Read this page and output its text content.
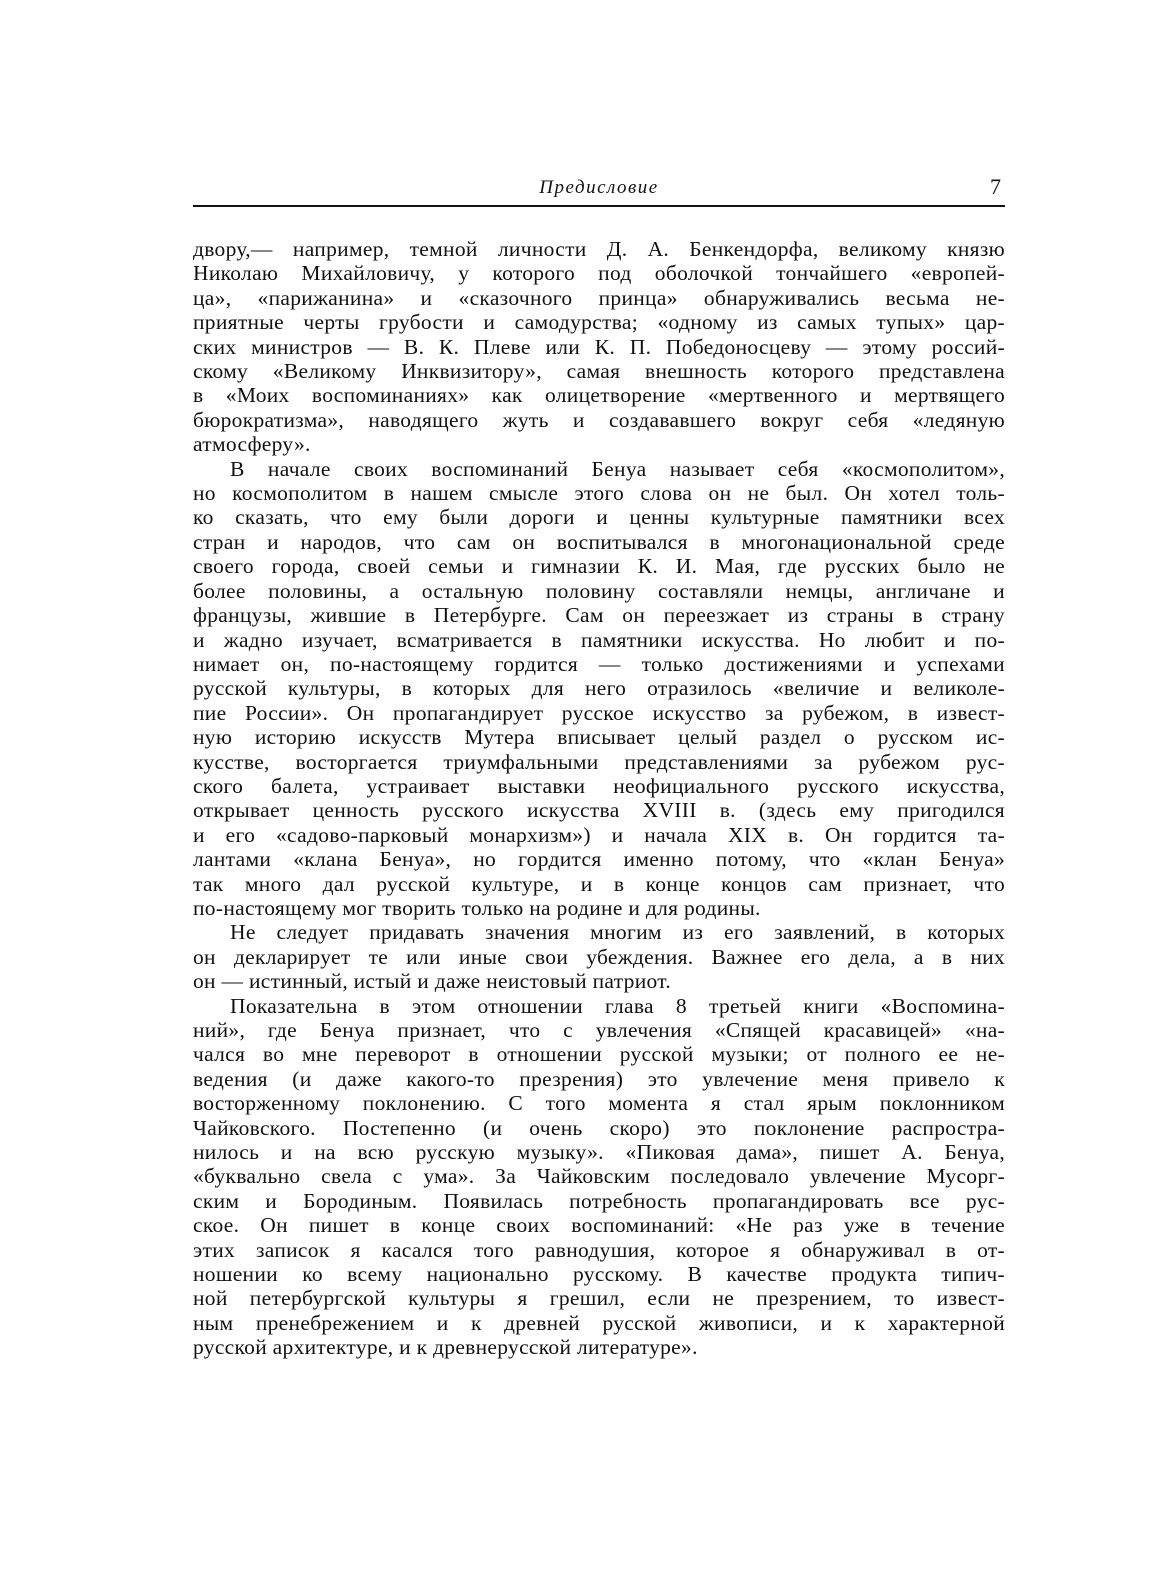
Предисловие	7
двору,— например, темной личности Д. А. Бенкендорфа, великому князю
Николаю Михайловичу, у которого под оболочкой тончайшего «европей-
ца», «парижанина» и «сказочного принца» обнаруживались весьма не-
приятные черты грубости и самодурства; «одному из самых тупых» цар-
ских министров — В. К. Плеве или К. П. Победоносцеву — этому россий-
скому «Великому Инквизитору», самая внешность которого представлена
в «Моих воспоминаниях» как олицетворение «мертвенного и мертвящего
бюрократизма», наводящего жуть и создававшего вокруг себя «ледяную
атмосферу».
В начале своих воспоминаний Бенуа называет себя «космополитом»,
но космополитом в нашем смысле этого слова он не был. Он хотел толь-
ко сказать, что ему были дороги и ценны культурные памятники всех
стран и народов, что сам он воспитывался в многонациональной среде
своего города, своей семьи и гимназии К. И. Мая, где русских было не
более половины, а остальную половину составляли немцы, англичане и
французы, жившие в Петербурге. Сам он переезжает из страны в страну
и жадно изучает, всматривается в памятники искусства. Но любит и по-
нимает он, по-настоящему гордится — только достижениями и успехами
русской культуры, в которых для него отразилось «величие и великоле-
пие России». Он пропагандирует русское искусство за рубежом, в извест-
ную историю искусств Мутера вписывает целый раздел о русском ис-
кусстве, восторгается триумфальными представлениями за рубежом рус-
ского балета, устраивает выставки неофициального русского искусства,
открывает ценность русского искусства XVIII в. (здесь ему пригодился
и его «садово-парковый монархизм») и начала XIX в. Он гордится та-
лантами «клана Бенуа», но гордится именно потому, что «клан Бенуа»
так много дал русской культуре, и в конце концов сам признает, что
по-настоящему мог творить только на родине и для родины.
Не следует придавать значения многим из его заявлений, в которых
он декларирует те или иные свои убеждения. Важнее его дела, а в них
он — истинный, истый и даже неистовый патриот.
Показательна в этом отношении глава 8 третьей книги «Воспомина-
ний», где Бенуа признает, что с увлечения «Спящей красавицей» «на-
чался во мне переворот в отношении русской музыки; от полного ее не-
ведения (и даже какого-то презрения) это увлечение меня привело к
восторженному поклонению. С того момента я стал ярым поклонником
Чайковского. Постепенно (и очень скоро) это поклонение распростра-
нилось и на всю русскую музыку». «Пиковая дама», пишет А. Бенуа,
«буквально свела с ума». За Чайковским последовало увлечение Мусорг-
ским и Бородиным. Появилась потребность пропагандировать все рус-
ское. Он пишет в конце своих воспоминаний: «Не раз уже в течение
этих записок я касался того равнодушия, которое я обнаруживал в от-
ношении ко всему национально русскому. В качестве продукта типич-
ной петербургской культуры я грешил, если не презрением, то извест-
ным пренебрежением и к древней русской живописи, и к характерной
русской архитектуре, и к древнерусской литературе».
